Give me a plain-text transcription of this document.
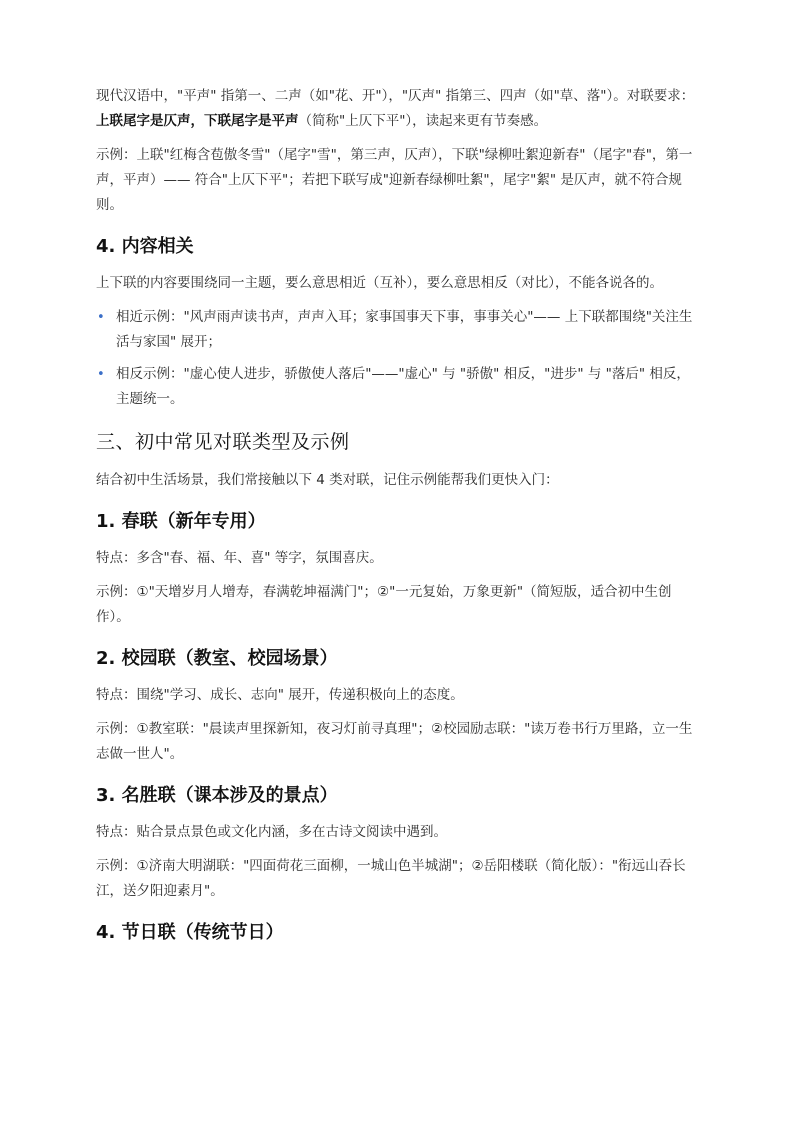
现代汉语中，"平声" 指第一、二声（如"花、开"），"仄声" 指第三、四声（如"草、落"）。对联要求：上联尾字是仄声，下联尾字是平声（简称"上仄下平"），读起来更有节奏感。

示例：上联"红梅含苞傲冬雪"（尾字"雪"，第三声，仄声），下联"绿柳吐絮迎新春"（尾字"春"，第一声，平声）—— 符合"上仄下平"；若把下联写成"迎新春绿柳吐絮"，尾字"絮" 是仄声，就不符合规则。

4. 内容相关

上下联的内容要围绕同一主题，要么意思相近（互补），要么意思相反（对比），不能各说各的。

• 相近示例："风声雨声读书声，声声入耳；家事国事天下事，事事关心"—— 上下联都围绕"关注生活与家国" 展开；
• 相反示例："虚心使人进步，骄傲使人落后"——"虚心" 与 "骄傲" 相反，"进步" 与 "落后" 相反，主题统一。
三、初中常见对联类型及示例

结合初中生活场景，我们常接触以下 4 类对联，记住示例能帮我们更快入门：

1. 春联（新年专用）

特点：多含"春、福、年、喜" 等字，氛围喜庆。

示例：①"天增岁月人增寿，春满乾坤福满门"；②"一元复始，万象更新"（简短版，适合初中生创作）。

2. 校园联（教室、校园场景）

特点：围绕"学习、成长、志向" 展开，传递积极向上的态度。

示例：①教室联："晨读声里探新知，夜习灯前寻真理"；②校园励志联："读万卷书行万里路，立一生志做一世人"。

3. 名胜联（课本涉及的景点）

特点：贴合景点景色或文化内涵，多在古诗文阅读中遇到。

示例：①济南大明湖联："四面荷花三面柳，一城山色半城湖"；②岳阳楼联（简化版）："衔远山吞长江，送夕阳迎素月"。

4. 节日联（传统节日）
